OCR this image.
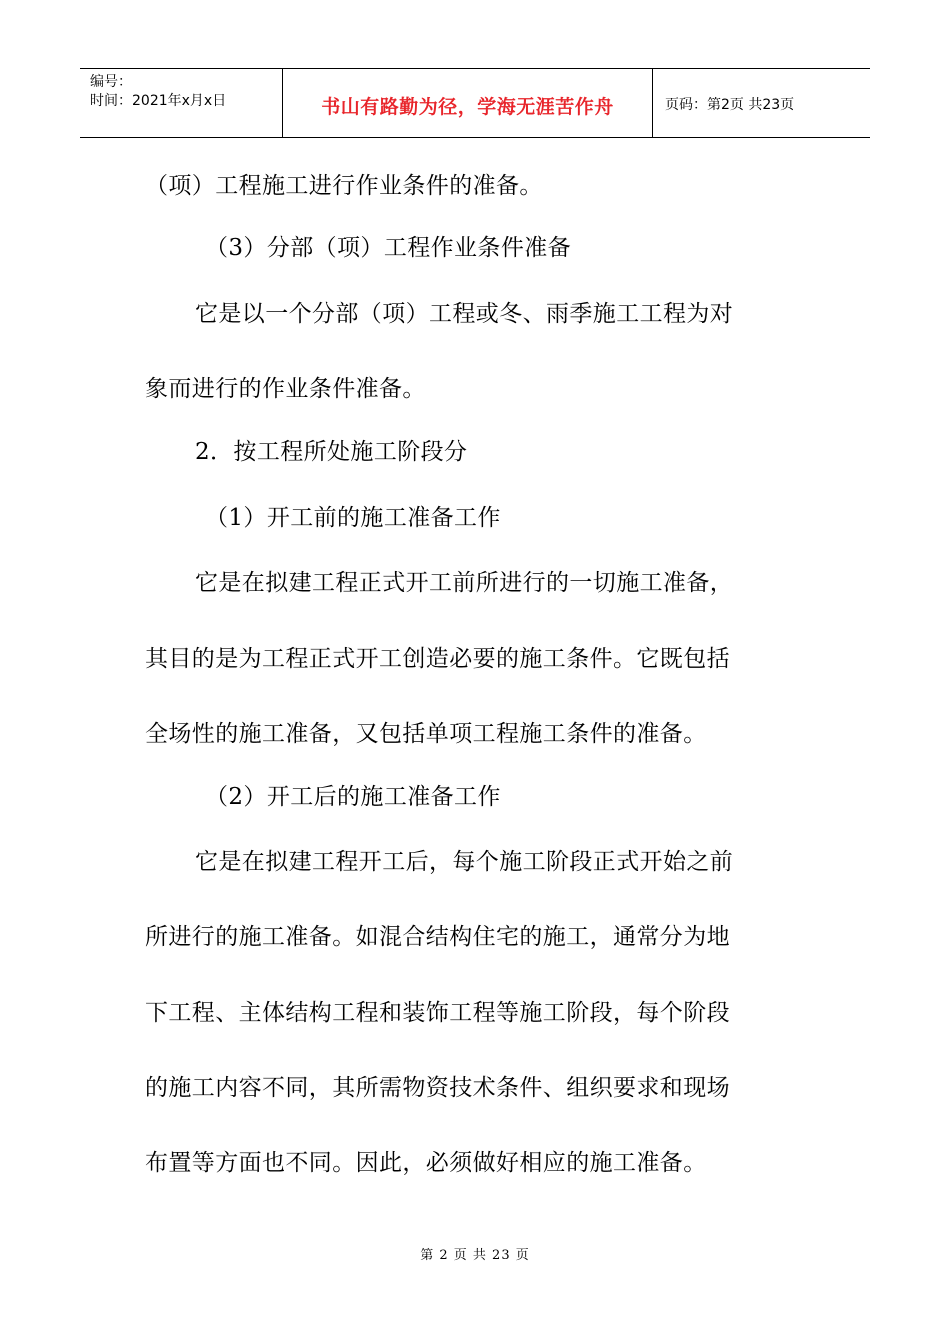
编号：
时间：2021年x月x日	书山有路勤为径，学海无涯苦作舟	页码：第2页 共23页
（项）工程施工进行作业条件的准备。
（3）分部（项）工程作业条件准备
它是以一个分部（项）工程或冬、雨季施工工程为对
象而进行的作业条件准备。
2．按工程所处施工阶段分
（1）开工前的施工准备工作
它是在拟建工程正式开工前所进行的一切施工准备，
其目的是为工程正式开工创造必要的施工条件。它既包括
全场性的施工准备，又包括单项工程施工条件的准备。
（2）开工后的施工准备工作
它是在拟建工程开工后，每个施工阶段正式开始之前
所进行的施工准备。如混合结构住宅的施工，通常分为地
下工程、主体结构工程和装饰工程等施工阶段，每个阶段
的施工内容不同，其所需物资技术条件、组织要求和现场
布置等方面也不同。因此，必须做好相应的施工准备。
第 2 页 共 23 页
